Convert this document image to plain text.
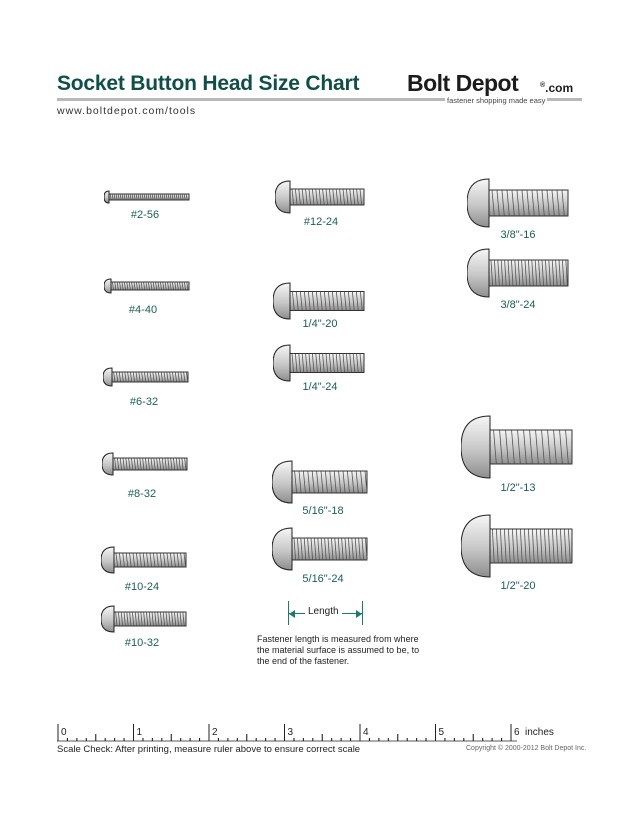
Socket Button Head Size Chart
www.boltdepot.com/tools
Bolt Depot	®.com
fastener shopping made easy
#2-56
#4-40
#6-32
#8-32
#10-24
#10-32
#12-24
1/4"-20
1/4"-24
5/16"-18
5/16"-24
3/8"-16
3/8"-24
1/2"-13
1/2"-20
Length
Fastener length is measured from where the material surface is assumed to be, to the end of the fastener.
0	1	2	3	4	5	6 inches
Scale Check: After printing, measure ruler above to ensure correct scale	Copyright © 2000-2012 Bolt Depot Inc.
